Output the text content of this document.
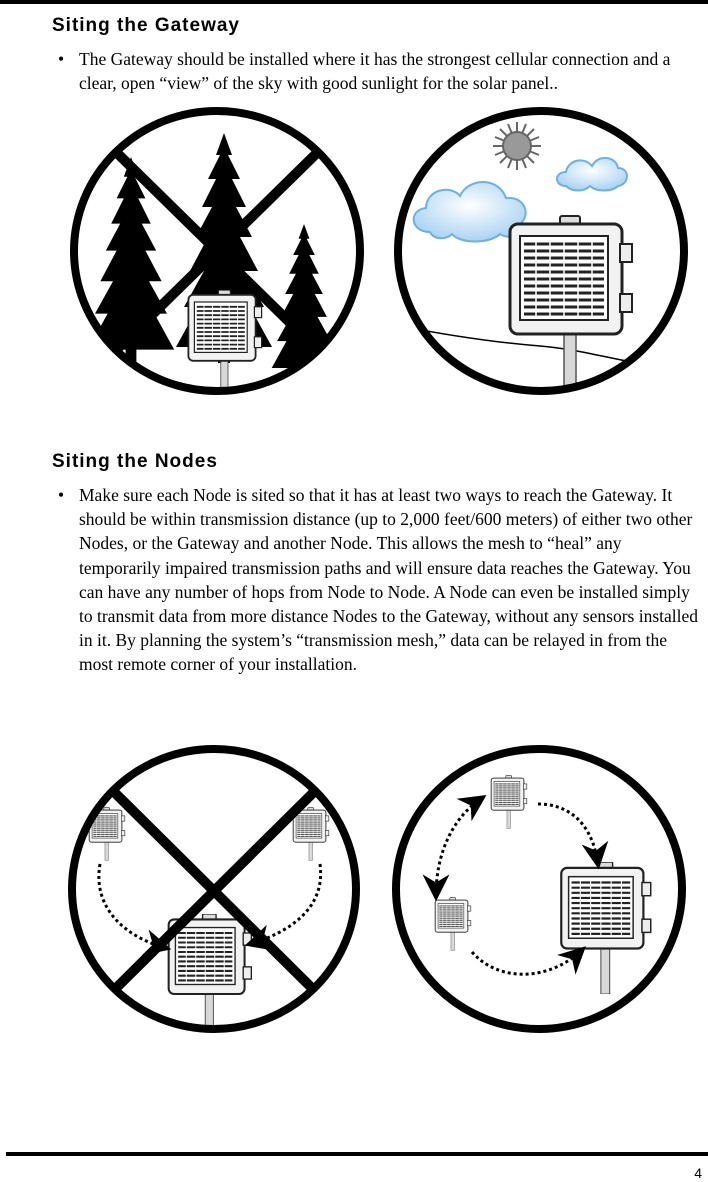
Siting the Gateway
• The Gateway should be installed where it has the strongest cellular connection and a clear, open “view” of the sky with good sunlight for the solar panel..
Siting the Nodes
• Make sure each Node is sited so that it has at least two ways to reach the Gateway. It should be within transmission distance (up to 2,000 feet/600 meters) of either two other Nodes, or the Gateway and another Node. This allows the mesh to “heal” any temporarily impaired transmission paths and will ensure data reaches the Gateway. You can have any number of hops from Node to Node. A Node can even be installed simply to transmit data from more distance Nodes to the Gateway, without any sensors installed in it. By planning the system’s “transmission mesh,” data can be relayed in from the most remote corner of your installation.
4
